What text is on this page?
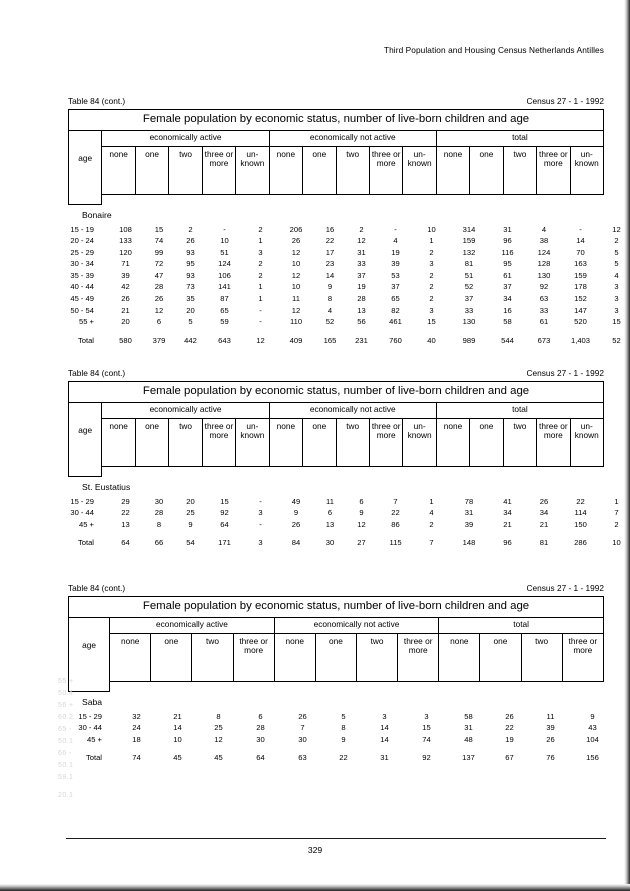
Third Population and Housing Census Netherlands Antilles
Table 84 (cont.)	Census 27 - 1 - 1992
Female population by economic status, number of live-born children and age															
	economically active					economically not active					total				
	none	one	two	three or more	un- known	none	one	two	three or more	un- known	none	one	two	three or more	un- known
age															
Bonaire
15 - 19	108	15	2	-	2	206	16	2	-	10	314	31	4	-	12
20 - 24	133	74	26	10	1	26	22	12	4	1	159	96	38	14	2
25 - 29	120	99	93	51	3	12	17	31	19	2	132	116	124	70	5
30 - 34	71	72	95	124	2	10	23	33	39	3	81	95	128	163	5
35 - 39	39	47	93	106	2	12	14	37	53	2	51	61	130	159	4
40 - 44	42	28	73	141	1	10	9	19	37	2	52	37	92	178	3
45 - 49	26	26	35	87	1	11	8	28	65	2	37	34	63	152	3
50 - 54	21	12	20	65	-	12	4	13	82	3	33	16	33	147	3
55 +	20	6	5	59	-	110	52	56	461	15	130	58	61	520	15

Total	580	379	442	643	12	409	165	231	760	40	989	544	673	1,403	52
Table 84 (cont.)	Census 27 - 1 - 1992
Female population by economic status, number of live-born children and age															
	economically active					economically not active					total				
	none	one	two	three or more	un- known	none	one	two	three or more	un- known	none	one	two	three or more	un- known
age															
St. Eustatius
15 - 29	29	30	20	15	-	49	11	6	7	1	78	41	26	22	1
30 - 44	22	28	25	92	3	9	6	9	22	4	31	34	34	114	7
45 +	13	8	9	64	-	26	13	12	86	2	39	21	21	150	2

Total	64	66	54	171	3	84	30	27	115	7	148	96	81	286	10
Table 84 (cont.)	Census 27 - 1 - 1992
Female population by economic status, number of live-born children and age												
	economically active				economically not active				total			
	none	one	two	three or more	none	one	two	three or more	none	one	two	three or more
age												
Saba
15 - 29	32	21	8	6	26	5	3	3	58	26	11	9
30 - 44	24	14	25	28	7	8	14	15	31	22	39	43
45 +	18	10	12	30	30	9	14	74	48	19	26	104

Total	74	45	45	64	63	22	31	92	137	67	76	156
55 +
50.4
56 +
60.2
65 -
50.1
66 -
50.1
59.1
20.1
329
